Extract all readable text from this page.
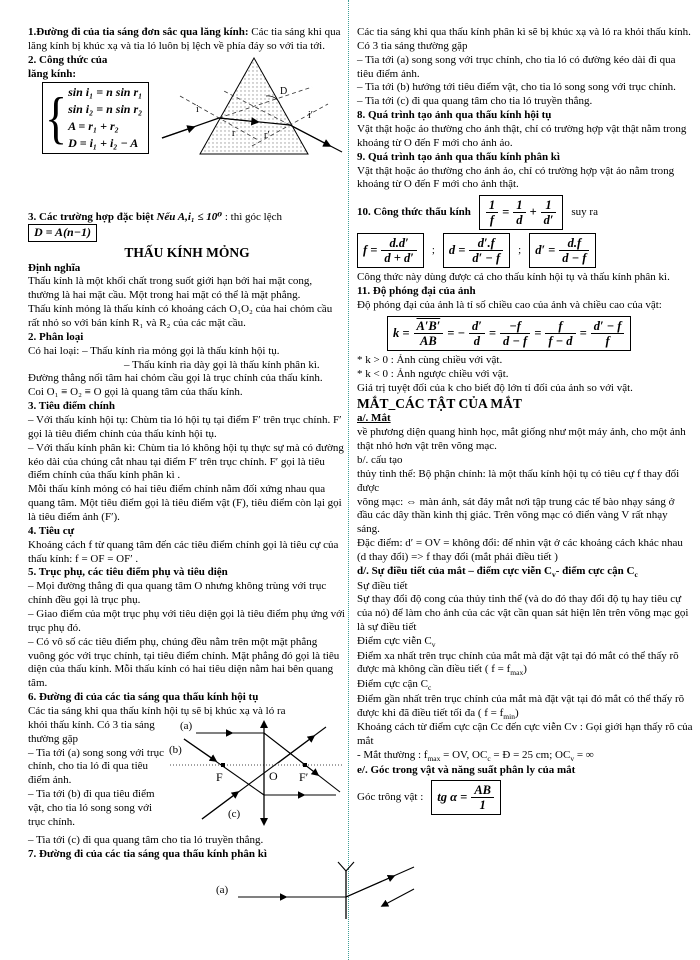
1.Đường đi của tia sáng đơn sắc qua lăng kính: Các tia sáng khi qua lăng kính bị khúc xạ và tia ló luôn bị lệch về phía đáy so với tia tới.
i
r	r′
i′
D
2. Công thức của
lăng kính:
{ sin i₁ = n sin r₁
sin i₂ = n sin r₂
A = r₁ + r₂
D = i₁ + i₂ − A
3. Các trường hợp đặc biệt Nếu A,i₁ ≤ 10⁰ : thì góc lệch D = A(n−1)
THẤU KÍNH MỎNG
Định nghĩa
Thấu kính là một khối chất trong suốt giới hạn bởi hai mặt cong, thường là hai mặt cầu. Một trong hai mặt có thể là mặt phẳng.
Thấu kính mỏng là thấu kính có khoảng cách O₁O₂ của hai chỏm cầu rất nhỏ so với bán kính R₁ và R₂ của các mặt cầu.
2. Phân loại
Có hai loại: – Thấu kính rìa mỏng gọi là thấu kính hội tụ.
– Thấu kính rìa dày gọi là thấu kính phân kì.
Đường thẳng nối tâm hai chỏm cầu gọi là trục chính của thấu kính.
Coi O₁ ≡ O₂ ≡ O gọi là quang tâm của thấu kính.
3. Tiêu điểm chính
– Với thấu kính hội tụ: Chùm tia ló hội tụ tại điểm F′ trên trục chính. F′ gọi là tiêu điểm chính của thấu kính hội tụ.
– Với thấu kính phân kì: Chùm tia ló không hội tụ thực sự mà có đường kéo dài của chúng cắt nhau tại điểm F′ trên trục chính. F′ gọi là tiêu điểm chính của thấu kính phân kì .
Mỗi thấu kính mỏng có hai tiêu điểm chính nằm đối xứng nhau qua quang tâm. Một tiêu điểm gọi là tiêu điểm vật (F), tiêu điểm còn lại gọi là tiêu điểm ảnh (F′).
4. Tiêu cự
Khoảng cách f từ quang tâm đến các tiêu điểm chính gọi là tiêu cự của thấu kính: f = OF = OF′ .
5. Trục phụ, các tiêu điểm phụ và tiêu diện
– Mọi đường thẳng đi qua quang tâm O nhưng không trùng với trục chính đều gọi là trục phụ.
– Giao điểm của một trục phụ với tiêu diện gọi là tiêu điểm phụ ứng với trục phụ đó.
– Có vô số các tiêu điểm phụ, chúng đều nằm trên một mặt phẳng vuông góc với trục chính, tại tiêu điểm chính. Mặt phẳng đó gọi là tiêu diện của thấu kính. Mỗi thấu kính có hai tiêu diện nằm hai bên quang tâm.
6. Đường đi của các tia sáng qua thấu kính hội tụ
Các tia sáng khi qua thấu kính hội tụ sẽ bị khúc xạ và ló ra
(a)
(b)
(c)
F	O F′
khỏi thấu kính. Có 3 tia sáng thường gặp
– Tia tới (a) song song với trục chính, cho tia ló đi qua tiêu điểm ảnh.
– Tia tới (b) đi qua tiêu điểm vật, cho tia ló song song với trục chính.
– Tia tới (c) đi qua quang tâm cho tia ló truyền thẳng.
7. Đường đi của các tia sáng qua thấu kính phân kì
(a)
Các tia sáng khi qua thấu kính phân kì sẽ bị khúc xạ và ló ra khỏi thấu kính. Có 3 tia sáng thường gặp
– Tia tới (a) song song với trục chính, cho tia ló có đường kéo dài đi qua tiêu điểm ảnh.
– Tia tới (b) hướng tới tiêu điểm vật, cho tia ló song song với trục chính.
– Tia tới (c) đi qua quang tâm cho tia ló truyền thẳng.
8. Quá trình tạo ảnh qua thấu kính hội tụ
Vật thật hoặc ảo thường cho ảnh thật, chỉ có trường hợp vật thật nằm trong khoảng từ O đến F mới cho ảnh ảo.
9. Quá trình tạo ảnh qua thấu kính phân kì
Vật thật hoặc ảo thường cho ảnh ảo, chỉ có trường hợp vật ảo nằm trong khoảng từ O đến F mới cho ảnh thật.
10. Công thức thấu kính $\frac{1}{f} = \frac{1}{d} + \frac{1}{d'}$ suy ra
$f = \frac{d.d'}{d + d'}$ ; $d = \frac{d'.f}{d' - f}$ ; $d' = \frac{d.f}{d - f}$
Công thức này dùng được cả cho thấu kính hội tụ và thấu kính phân kì.
11. Độ phóng đại của ảnh
Độ phóng đại của ảnh là tỉ số chiều cao của ảnh và chiều cao của vật:
$k = \frac{A'B'}{AB}$ = − $\frac{d'}{d} = \frac{-f}{d - f} = \frac{f}{f - d} = \frac{d' - f}{f}$
* k > 0 : Ảnh cùng chiều với vật.
* k < 0 : Ảnh ngược chiều với vật.
Giá trị tuyệt đối của k cho biết độ lớn tỉ đối của ảnh so với vật.
MẮT_CÁC TẬT CỦA MẮT
a/. Mắt
về phương diện quang hình học, mắt giống như một máy ảnh, cho một ảnh thật nhỏ hơn vật trên võng mạc.
b/. cấu tạo
thủy tinh thể: Bộ phận chính: là một thấu kính hội tụ có tiêu cự f thay đổi được
võng mạc: ⇔ màn ảnh, sát đáy mắt nơi tập trung các tế bào nhạy sáng ở đầu các dây thần kinh thị giác. Trên võng mạc có điển vàng V rất nhạy sáng.
Đặc điểm: d′ = OV = không đổi: để nhìn vật ở các khoảng cách khác nhau (d thay đổi) => f thay đổi (mắt phải điều tiết )
d/. Sự điều tiết của mắt – điểm cực viễn $C_v-$ điểm cực cận $C_c$
Sự điều tiết
Sự thay đổi độ cong của thủy tinh thể (và do đó thay đổi độ tụ hay tiêu cự của nó) để làm cho ảnh của các vật cần quan sát hiện lên trên võng mạc gọi là sự điều tiết
Điểm cực viễn $C_v$
Điểm xa nhất trên trục chính của mắt mà đặt vật tại đó mắt có thể thấy rõ được mà không cần điều tiết ( $f = f_{max}$)
Điểm cực cận $C_c$
Điểm gần nhất trên trục chính của mắt mà đặt vật tại đó mắt có thể thấy rõ được khi đã điều tiết tối đa ( $f = f_{min}$)
Khoảng cách từ điểm cực cận Cc đến cực viễn Cv : Gọi giới hạn thấy rõ của mắt
- Mắt thường : $f_{max}$ = OV, $OC_c$ = Đ = 25 cm; $OC_v$ = ∞
e/. Góc trong vật và năng suất phân ly của mắt
Góc trông vật : tg $\alpha = \frac{AB}{1}$
